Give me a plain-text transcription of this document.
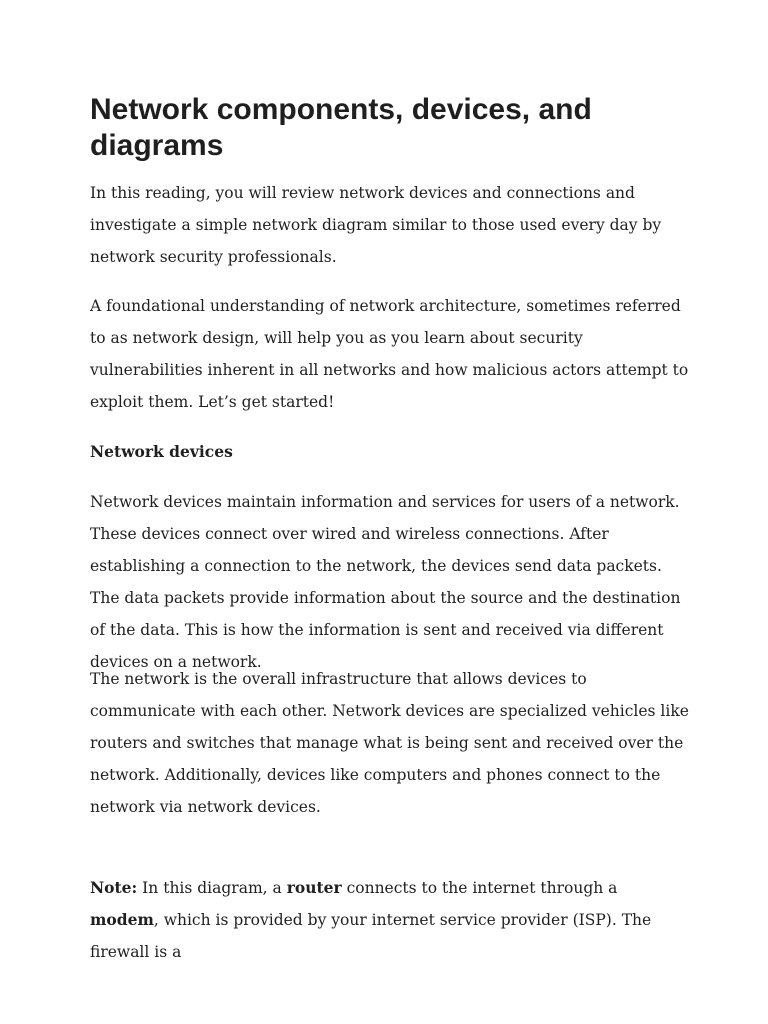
Network components, devices, and diagrams

In this reading, you will review network devices and connections and investigate a simple network diagram similar to those used every day by network security professionals.

A foundational understanding of network architecture, sometimes referred to as network design, will help you as you learn about security vulnerabilities inherent in all networks and how malicious actors attempt to exploit them. Let’s get started!

Network devices

Network devices maintain information and services for users of a network. These devices connect over wired and wireless connections. After establishing a connection to the network, the devices send data packets. The data packets provide information about the source and the destination of the data. This is how the information is sent and received via different devices on a network.

The network is the overall infrastructure that allows devices to communicate with each other. Network devices are specialized vehicles like routers and switches that manage what is being sent and received over the network. Additionally, devices like computers and phones connect to the network via network devices.

Note: In this diagram, a router connects to the internet through a modem, which is provided by your internet service provider (ISP). The firewall is a
